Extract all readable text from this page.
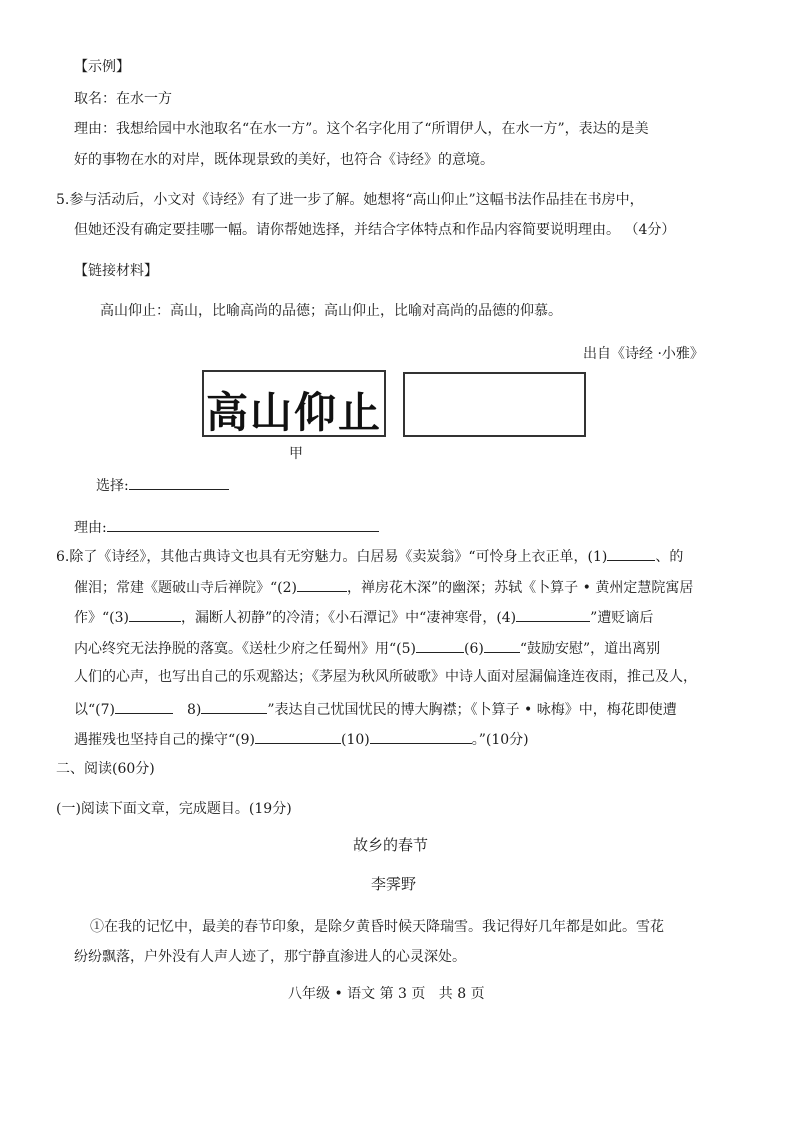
【示例】
取名：在水一方
理由：我想给园中水池取名“在水一方”。这个名字化用了“所谓伊人，在水一方”，表达的是美
好的事物在水的对岸，既体现景致的美好，也符合《诗经》的意境。
5.参与活动后，小文对《诗经》有了进一步了解。她想将“高山仰止”这幅书法作品挂在书房中，
但她还没有确定要挂哪一幅。请你帮她选择，并结合字体特点和作品内容简要说明理由。 （4分）
【链接材料】
高山仰止：高山，比喻高尚的品德；高山仰止，比喻对高尚的品德的仰慕。
出自《诗经 ·小雅》
高山仰止
甲
选择:
理由:
6.除了《诗经》，其他古典诗文也具有无穷魅力。白居易《卖炭翁》“可怜身上衣正单，(1)	、的
催泪；常建《题破山寺后禅院》“(2)	，禅房花木深”的幽深；苏轼《卜算子 • 黄州定慧院寓居
作》“(3)	，漏断人初静”的冷清；《小石潭记》中“凄神寒骨，(4)	”遭贬谪后
内心终究无法挣脱的落寞。《送杜少府之任蜀州》用“(5)	(6)	“鼓励安慰”，道出离别
人们的心声，也写出自己的乐观豁达；《茅屋为秋风所破歌》中诗人面对屋漏偏逢连夜雨，推己及人，
以“(7)	8)	”表达自己忧国忧民的博大胸襟；《卜算子 • 咏梅》中，梅花即使遭
遇摧残也坚持自己的操守“(9)	(10)	。”(10分)
二、阅读(60分)
(一)阅读下面文章，完成题目。(19分)
故乡的春节
李霁野
①在我的记忆中，最美的春节印象，是除夕黄昏时候天降瑞雪。我记得好几年都是如此。雪花
纷纷飘落，户外没有人声人迹了，那宁静直渗进人的心灵深处。
八年级 • 语文 第 3 页   共 8 页
